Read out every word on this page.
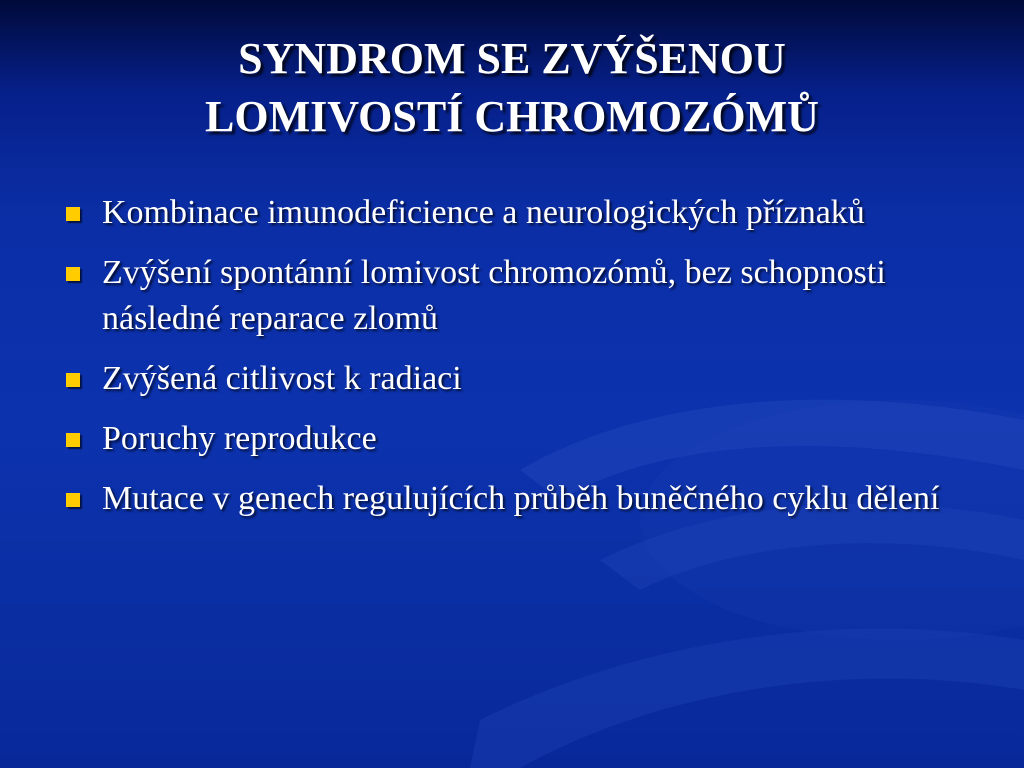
SYNDROM SE ZVÝŠENOU
LOMIVOSTÍ CHROMOZÓMŮ
Kombinace imunodeficience a neurologických příznaků
Zvýšení spontánní lomivost chromozómů, bez schopnosti následné reparace zlomů
Zvýšená citlivost k radiaci
Poruchy reprodukce
Mutace v genech regulujících průběh buněčného cyklu dělení
